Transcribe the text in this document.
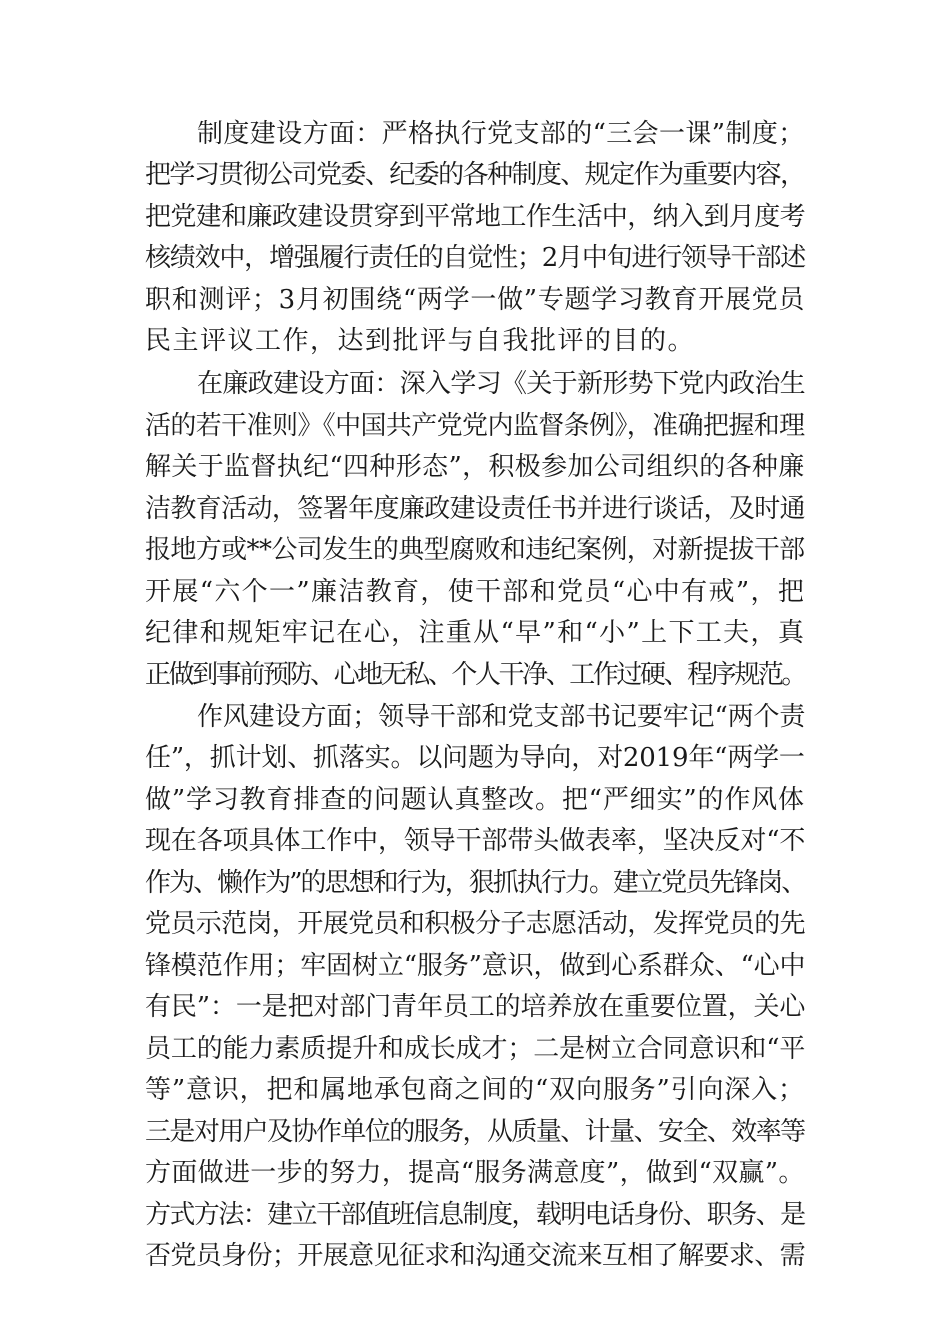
制度建设方面：严格执行党支部的“三会一课”制度；
把学习贯彻公司党委、纪委的各种制度、规定作为重要内容，
把党建和廉政建设贯穿到平常地工作生活中，纳入到月度考
核绩效中，增强履行责任的自觉性；2月中旬进行领导干部述
职和测评；3月初围绕“两学一做”专题学习教育开展党员
民主评议工作，达到批评与自我批评的目的。
在廉政建设方面：深入学习《关于新形势下党内政治生
活的若干准则》《中国共产党党内监督条例》，准确把握和理
解关于监督执纪“四种形态”，积极参加公司组织的各种廉
洁教育活动，签署年度廉政建设责任书并进行谈话，及时通
报地方或**公司发生的典型腐败和违纪案例，对新提拔干部
开展“六个一”廉洁教育，使干部和党员“心中有戒”，把
纪律和规矩牢记在心，注重从“早”和“小”上下工夫，真
正做到事前预防、心地无私、个人干净、工作过硬、程序规范。
作风建设方面；领导干部和党支部书记要牢记“两个责
任”，抓计划、抓落实。以问题为导向，对2019年“两学一
做”学习教育排查的问题认真整改。把“严细实”的作风体
现在各项具体工作中，领导干部带头做表率，坚决反对“不
作为、懒作为”的思想和行为，狠抓执行力。建立党员先锋岗、
党员示范岗，开展党员和积极分子志愿活动，发挥党员的先
锋模范作用；牢固树立“服务”意识，做到心系群众、“心中
有民”：一是把对部门青年员工的培养放在重要位置，关心
员工的能力素质提升和成长成才；二是树立合同意识和“平
等”意识，把和属地承包商之间的“双向服务”引向深入；
三是对用户及协作单位的服务，从质量、计量、安全、效率等
方面做进一步的努力，提高“服务满意度”，做到“双赢”。
方式方法：建立干部值班信息制度，载明电话身份、职务、是
否党员身份；开展意见征求和沟通交流来互相了解要求、需
